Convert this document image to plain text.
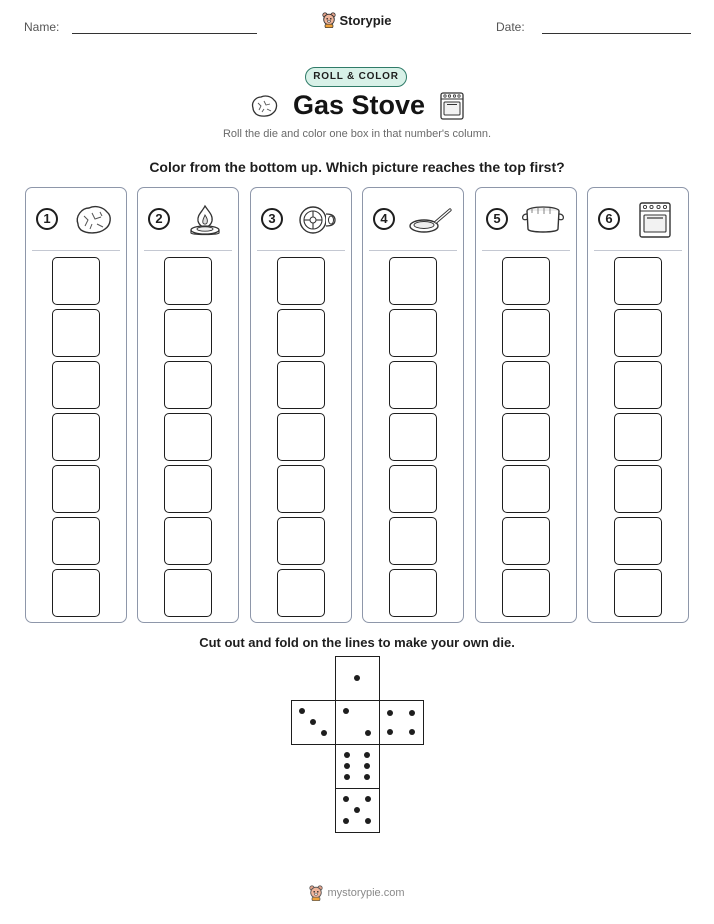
Name:	Storypie	Date:
ROLL & COLOR
Gas Stove
Roll the die and color one box in that number's column.
Color from the bottom up. Which picture reaches the top first?
1	2	3	4	5	6
Cut out and fold on the lines to make your own die.
mystorypie.com
